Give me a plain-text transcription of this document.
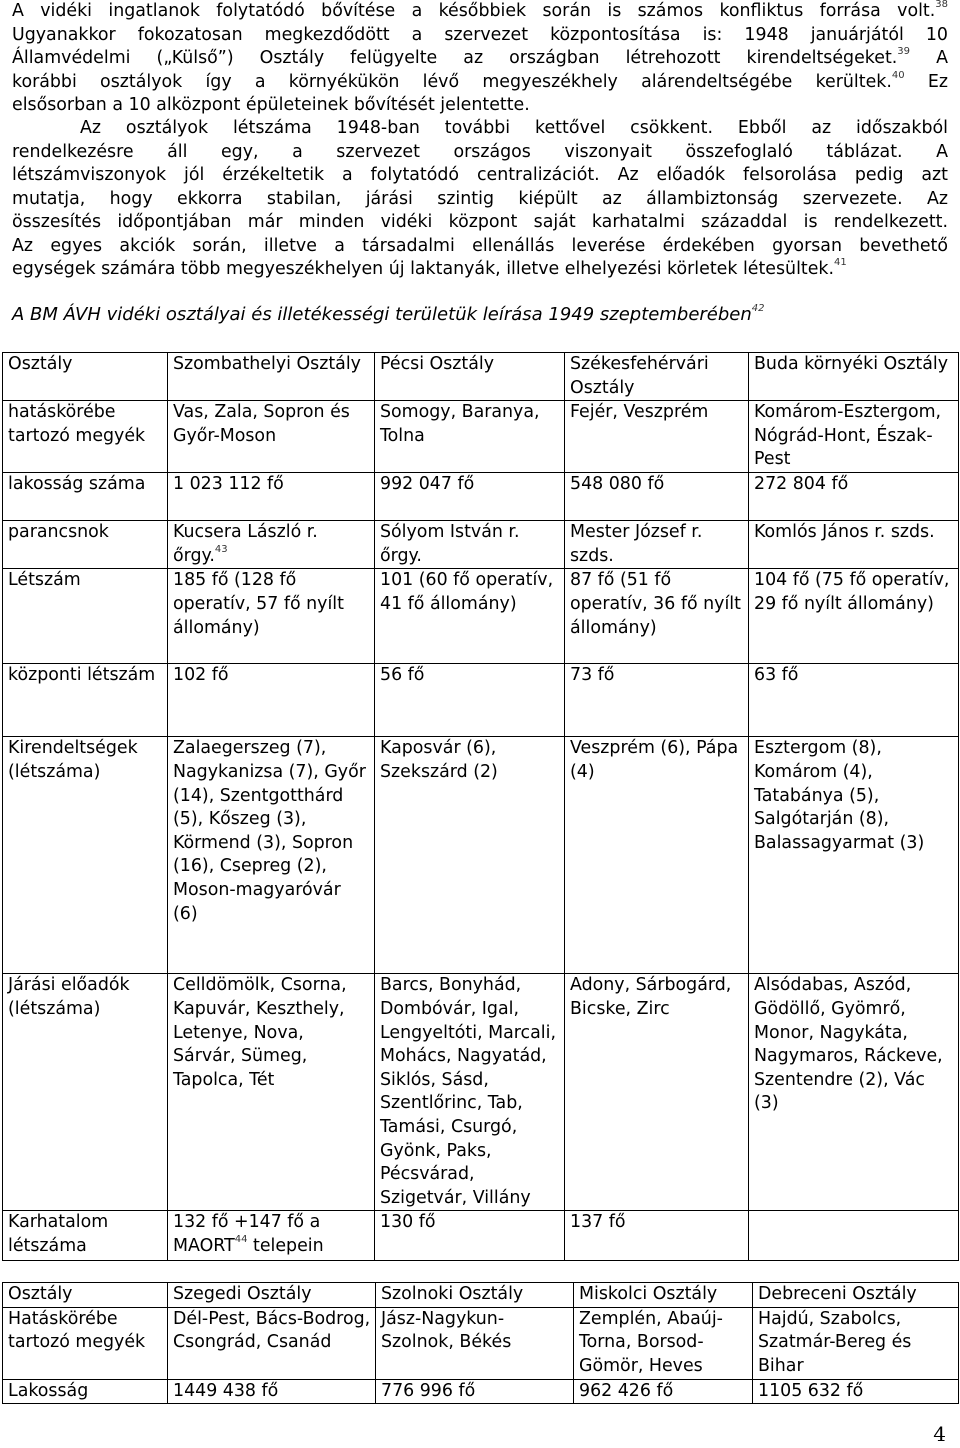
A vidéki ingatlanok folytatódó bővítése a későbbiek során is számos konfliktus forrása volt.$^{38}$
Ugyanakkor fokozatosan megkezdődött a szervezet központosítása is: 1948 januárjától 10
Államvédelmi („Külső”) Osztály felügyelte az országban létrehozott kirendeltségeket.$^{39}$ A
korábbi osztályok így a környékükön lévő megyeszékhely alárendeltségébe kerültek.$^{40}$ Ez
elsősorban a 10 alközpont épületeinek bővítését jelentette.
Az osztályok létszáma 1948-ban további kettővel csökkent. Ebből az időszakból
rendelkezésre áll egy, a szervezet országos viszonyait összefoglaló táblázat. A
létszámviszonyok jól érzékeltetik a folytatódó centralizációt. Az előadók felsorolása pedig azt
mutatja, hogy ekkorra stabilan, járási szintig kiépült az állambiztonság szervezete. Az
összesítés időpontjában már minden vidéki központ saját karhatalmi századdal is rendelkezett.
Az egyes akciók során, illetve a társadalmi ellenállás leverése érdekében gyorsan bevethető
egységek számára több megyeszékhelyen új laktanyák, illetve elhelyezési körletek létesültek.$^{41}$
A BM ÁVH vidéki osztályai és illetékességi területük leírása 1949 szeptemberében$^{42}$
Osztály	Szombathelyi Osztály	Pécsi Osztály	Székesfehérvári Osztály	Buda környéki Osztály
hatáskörébe tartozó megyék	Vas, Zala, Sopron és Győr-Moson	Somogy, Baranya, Tolna	Fejér, Veszprém	Komárom-Esztergom, Nógrád-Hont, Észak-Pest
lakosság száma	1 023 112 fő	992 047 fő	548 080 fő	272 804 fő
parancsnok	Kucsera László r. őrgy.$^{43}$	Sólyom István r. őrgy.	Mester József r. szds.	Komlós János r. szds.
Létszám	185 fő (128 fő operatív, 57 fő nyílt állomány)	101 (60 fő operatív, 41 fő állomány)	87 fő (51 fő operatív, 36 fő nyílt állomány)	104 fő (75 fő operatív, 29 fő nyílt állomány)
központi létszám	102 fő	56 fő	73 fő	63 fő
Kirendeltségek (létszáma)	Zalaegerszeg (7), Nagykanizsa (7), Győr (14), Szentgotthárd (5), Kőszeg (3), Körmend (3), Sopron (16), Csepreg (2), Moson-magyaróvár (6)	Kaposvár (6), Szekszárd (2)	Veszprém (6), Pápa (4)	Esztergom (8), Komárom (4), Tatabánya (5), Salgótarján (8), Balassagyarmat (3)
Járási előadók (létszáma)	Celldömölk, Csorna, Kapuvár, Keszthely, Letenye, Nova, Sárvár, Sümeg, Tapolca, Tét	Barcs, Bonyhád, Dombóvár, Igal, Lengyeltóti, Marcali, Mohács, Nagyatád, Siklós, Sásd, Szentlőrinc, Tab, Tamási, Csurgó, Gyönk, Paks, Pécsvárad, Szigetvár, Villány	Adony, Sárbogárd, Bicske, Zirc	Alsódabas, Aszód, Gödöllő, Gyömrő, Monor, Nagykáta, Nagymaros, Ráckeve, Szentendre (2), Vác (3)
Karhatalom létszáma	132 fő +147 fő a MAORT$^{44}$ telepein	130 fő	137 fő	
Osztály	Szegedi Osztály	Szolnoki Osztály	Miskolci Osztály	Debreceni Osztály
Hatáskörébe tartozó megyék	Dél-Pest, Bács-Bodrog, Csongrád, Csanád	Jász-Nagykun-Szolnok, Békés	Zemplén, Abaúj-Torna, Borsod-Gömör, Heves	Hajdú, Szabolcs, Szatmár-Bereg és Bihar
Lakosság	1449 438 fő	776 996 fő	962 426 fő	1105 632 fő
4
